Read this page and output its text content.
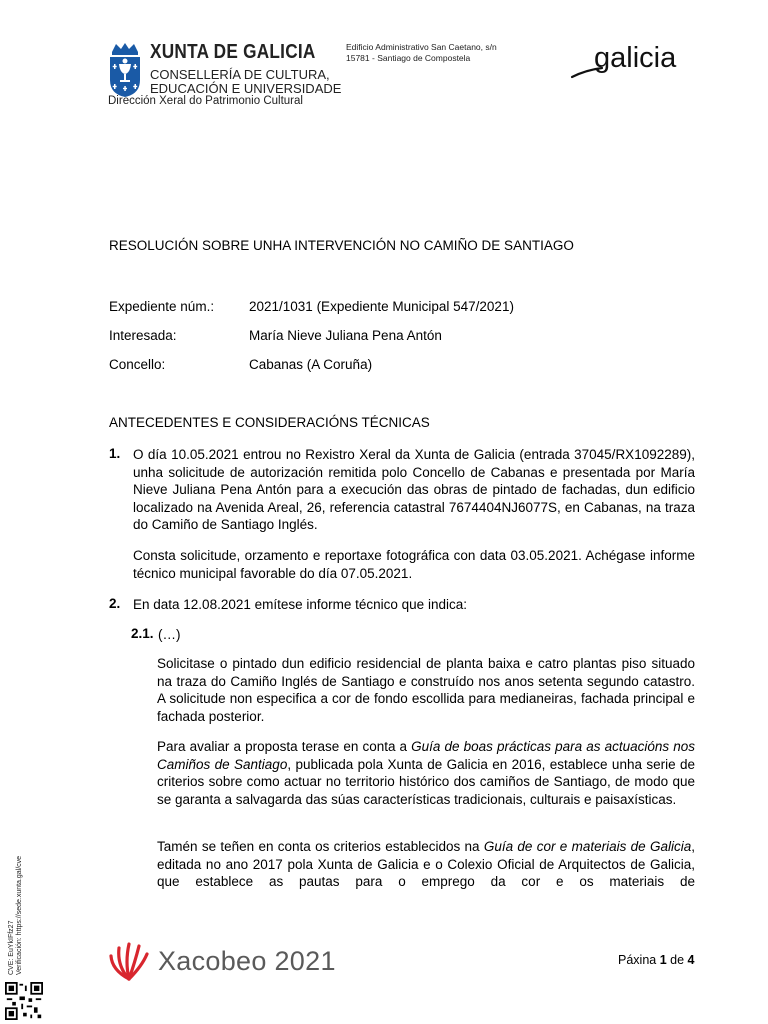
XUNTA DE GALICIA
CONSELLERÍA DE CULTURA,
EDUCACIÓN E UNIVERSIDADE
Dirección Xeral do Patrimonio Cultural
Edificio Administrativo San Caetano, s/n
15781 - Santiago de Compostela	galicia
RESOLUCIÓN SOBRE UNHA INTERVENCIÓN NO CAMIÑO DE SANTIAGO
Expediente núm.:	2021/1031 (Expediente Municipal 547/2021)
Interesada:	María Nieve Juliana Pena Antón
Concello:	Cabanas (A Coruña)
ANTECEDENTES E CONSIDERACIÓNS TÉCNICAS
1. O día 10.05.2021 entrou no Rexistro Xeral da Xunta de Galicia (entrada 37045/RX1092289), unha solicitude de autorización remitida polo Concello de Cabanas e presentada por María Nieve Juliana Pena Antón para a execución das obras de pintado de fachadas, dun edificio localizado na Avenida Areal, 26, referencia catastral 7674404NJ6077S, en Cabanas, na traza do Camiño de Santiago Inglés.
Consta solicitude, orzamento e reportaxe fotográfica con data 03.05.2021. Achégase informe técnico municipal favorable do día 07.05.2021.
2. En data 12.08.2021 emítese informe técnico que indica:
2.1. (…)
Solicitase o pintado dun edificio residencial de planta baixa e catro plantas piso situado na traza do Camiño Inglés de Santiago e construído nos anos setenta segundo catastro. A solicitude non especifica a cor de fondo escollida para medianeiras, fachada principal e fachada posterior.
Para avaliar a proposta terase en conta a Guía de boas prácticas para as actuacións nos Camiños de Santiago, publicada pola Xunta de Galicia en 2016, establece unha serie de criterios sobre como actuar no territorio histórico dos camiños de Santiago, de modo que se garanta a salvagarda das súas características tradicionais, culturais e paisaxísticas.
Tamén se teñen en conta os criterios establecidos na Guía de cor e materiais de Galicia, editada no ano 2017 pola Xunta de Galicia e o Colexio Oficial de Arquitectos de Galicia, que establece as pautas para o emprego da cor e os materiais de
CVE: EuYkIFfz27 Verificación: https://sede.xunta.gal/cve	Xacobeo 2021	Páxina 1 de 4
